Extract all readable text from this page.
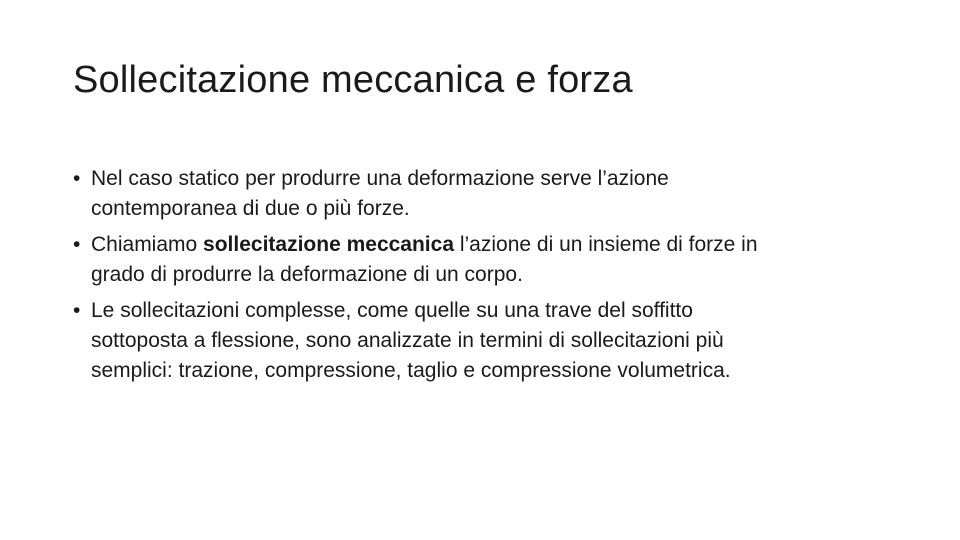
Sollecitazione meccanica e forza
• Nel caso statico per produrre una deformazione serve l’azione
contemporanea di due o più forze.
• Chiamiamo sollecitazione meccanica l’azione di un insieme di forze in
grado di produrre la deformazione di un corpo.
• Le sollecitazioni complesse, come quelle su una trave del soffitto
sottoposta a flessione, sono analizzate in termini di sollecitazioni più
semplici: trazione, compressione, taglio e compressione volumetrica.
